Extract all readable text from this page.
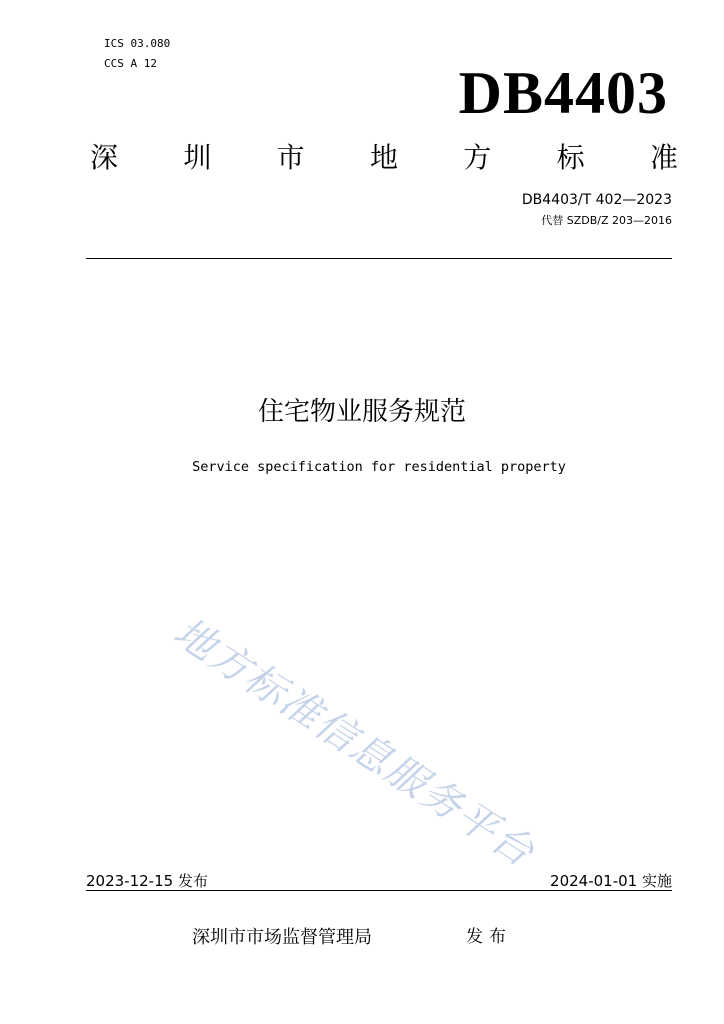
ICS 03.080
CCS A 12	DB4403
深 圳 市 地 方 标 准
DB4403/T 402—2023
代替 SZDB/Z 203—2016
住宅物业服务规范
Service specification for residential property
地方标准信息服务平台
2023-12-15 发布	2024-01-01 实施
深圳市市场监督管理局	发布
